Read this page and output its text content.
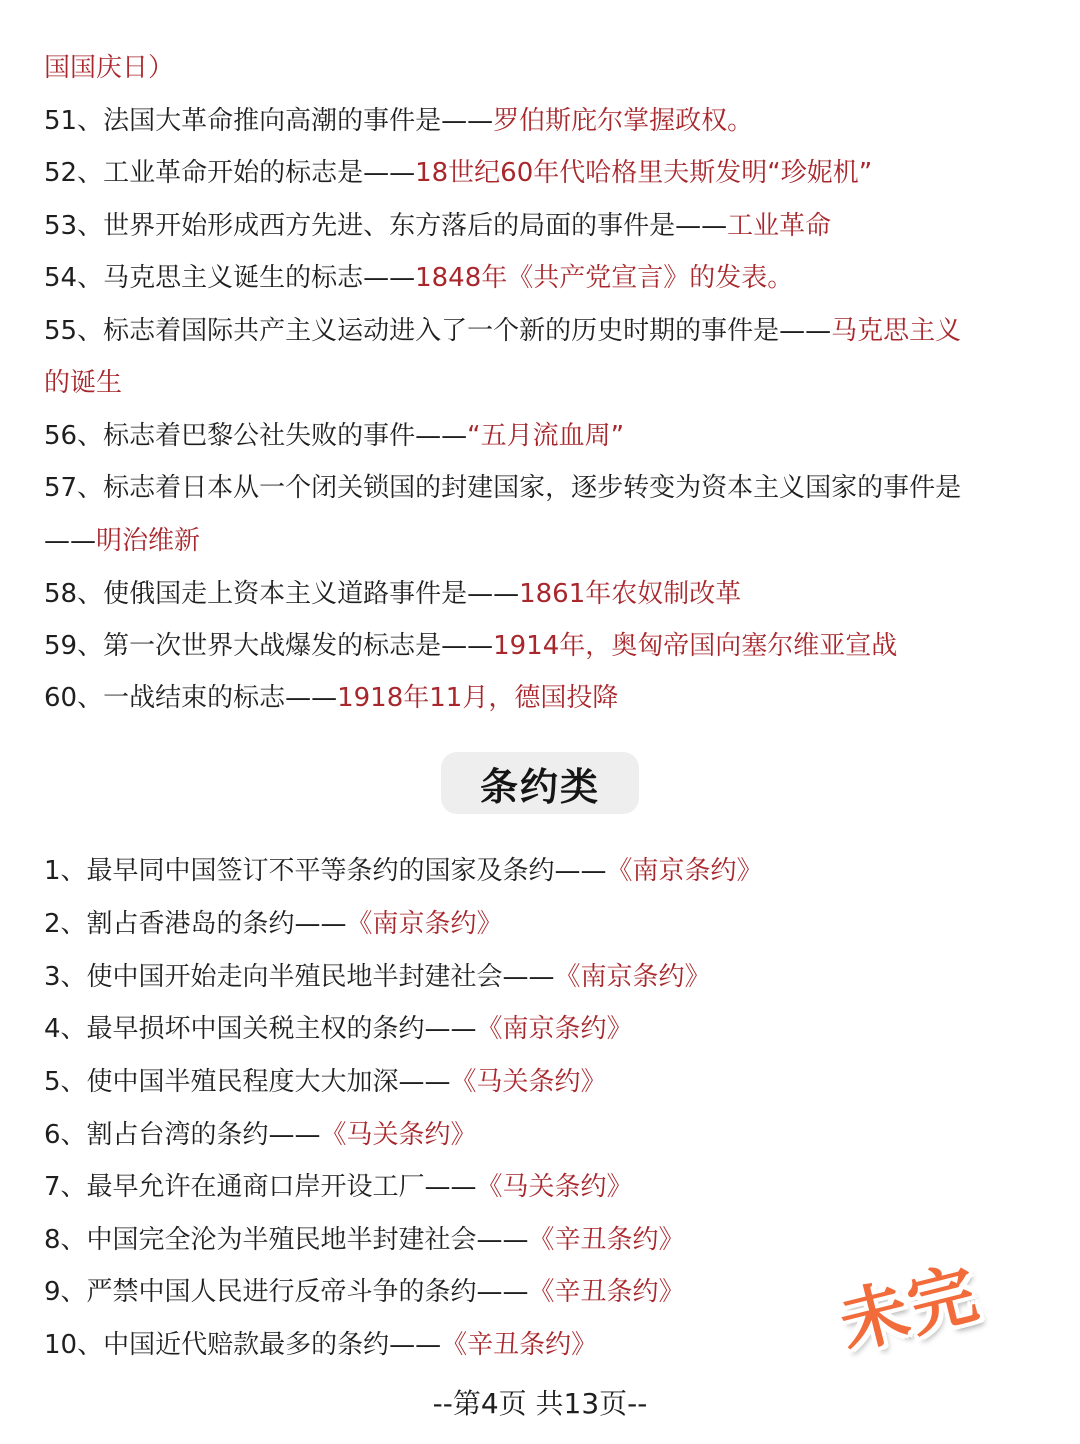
国国庆日）
51、法国大革命推向高潮的事件是——罗伯斯庇尔掌握政权。
52、工业革命开始的标志是——18世纪60年代哈格里夫斯发明“珍妮机”
53、世界开始形成西方先进、东方落后的局面的事件是——工业革命
54、马克思主义诞生的标志——1848年《共产党宣言》的发表。
55、标志着国际共产主义运动进入了一个新的历史时期的事件是——马克思主义
的诞生
56、标志着巴黎公社失败的事件——“五月流血周”
57、标志着日本从一个闭关锁国的封建国家，逐步转变为资本主义国家的事件是
——明治维新
58、使俄国走上资本主义道路事件是——1861年农奴制改革
59、第一次世界大战爆发的标志是——1914年，奥匈帝国向塞尔维亚宣战
60、一战结束的标志——1918年11月，德国投降
条约类
1、最早同中国签订不平等条约的国家及条约——《南京条约》
2、割占香港岛的条约——《南京条约》
3、使中国开始走向半殖民地半封建社会——《南京条约》
4、最早损坏中国关税主权的条约——《南京条约》
5、使中国半殖民程度大大加深——《马关条约》
6、割占台湾的条约——《马关条约》
7、最早允许在通商口岸开设工厂——《马关条约》
8、中国完全沦为半殖民地半封建社会——《辛丑条约》
9、严禁中国人民进行反帝斗争的条约——《辛丑条约》
10、中国近代赔款最多的条约——《辛丑条约》	未完
--第4页 共13页--
